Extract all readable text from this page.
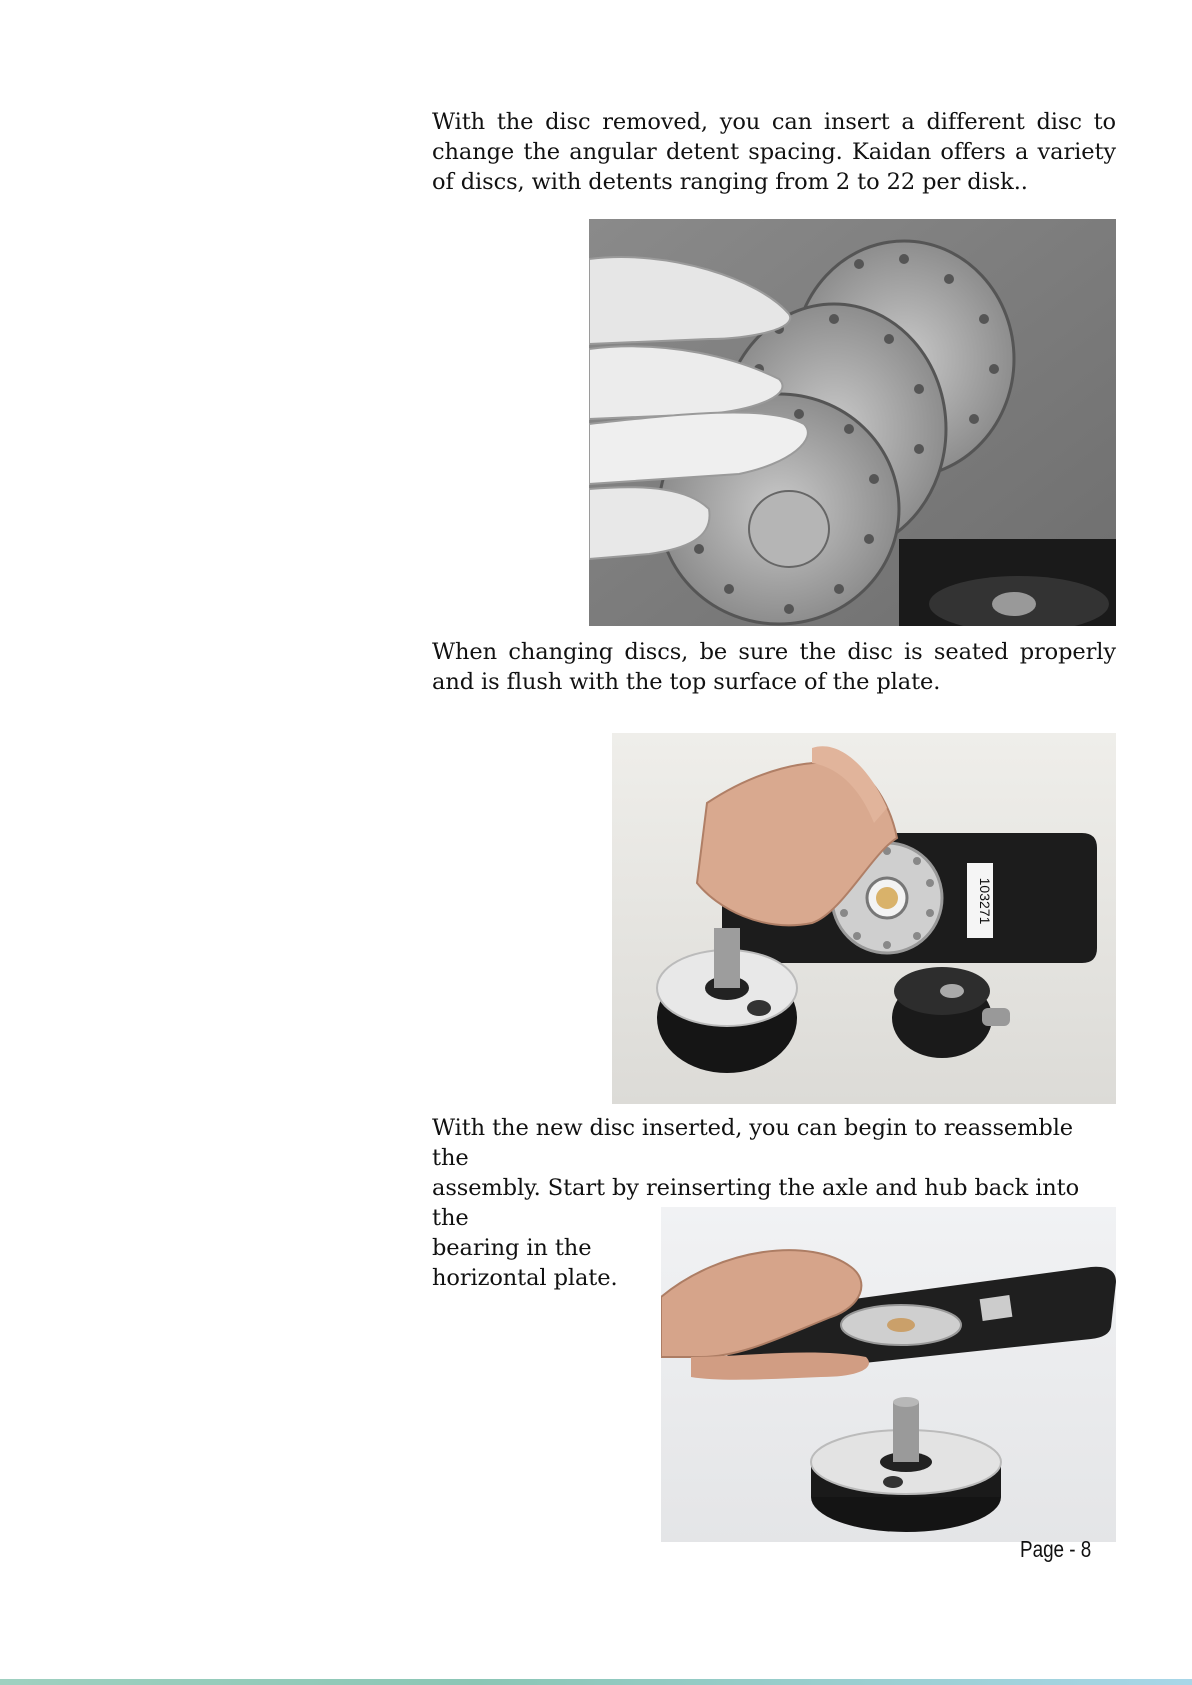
With the disc removed, you can insert a different disc to change the angular detent spacing. Kaidan offers a variety of discs, with detents ranging from 2 to 22 per disk..

When changing discs, be sure the disc is seated properly and is flush with the top surface of the plate.

103271
With the new disc inserted, you can begin to reassemble the
assembly. Start by reinserting the axle and hub back into the
bearing in the
horizontal plate.
Page - 8
